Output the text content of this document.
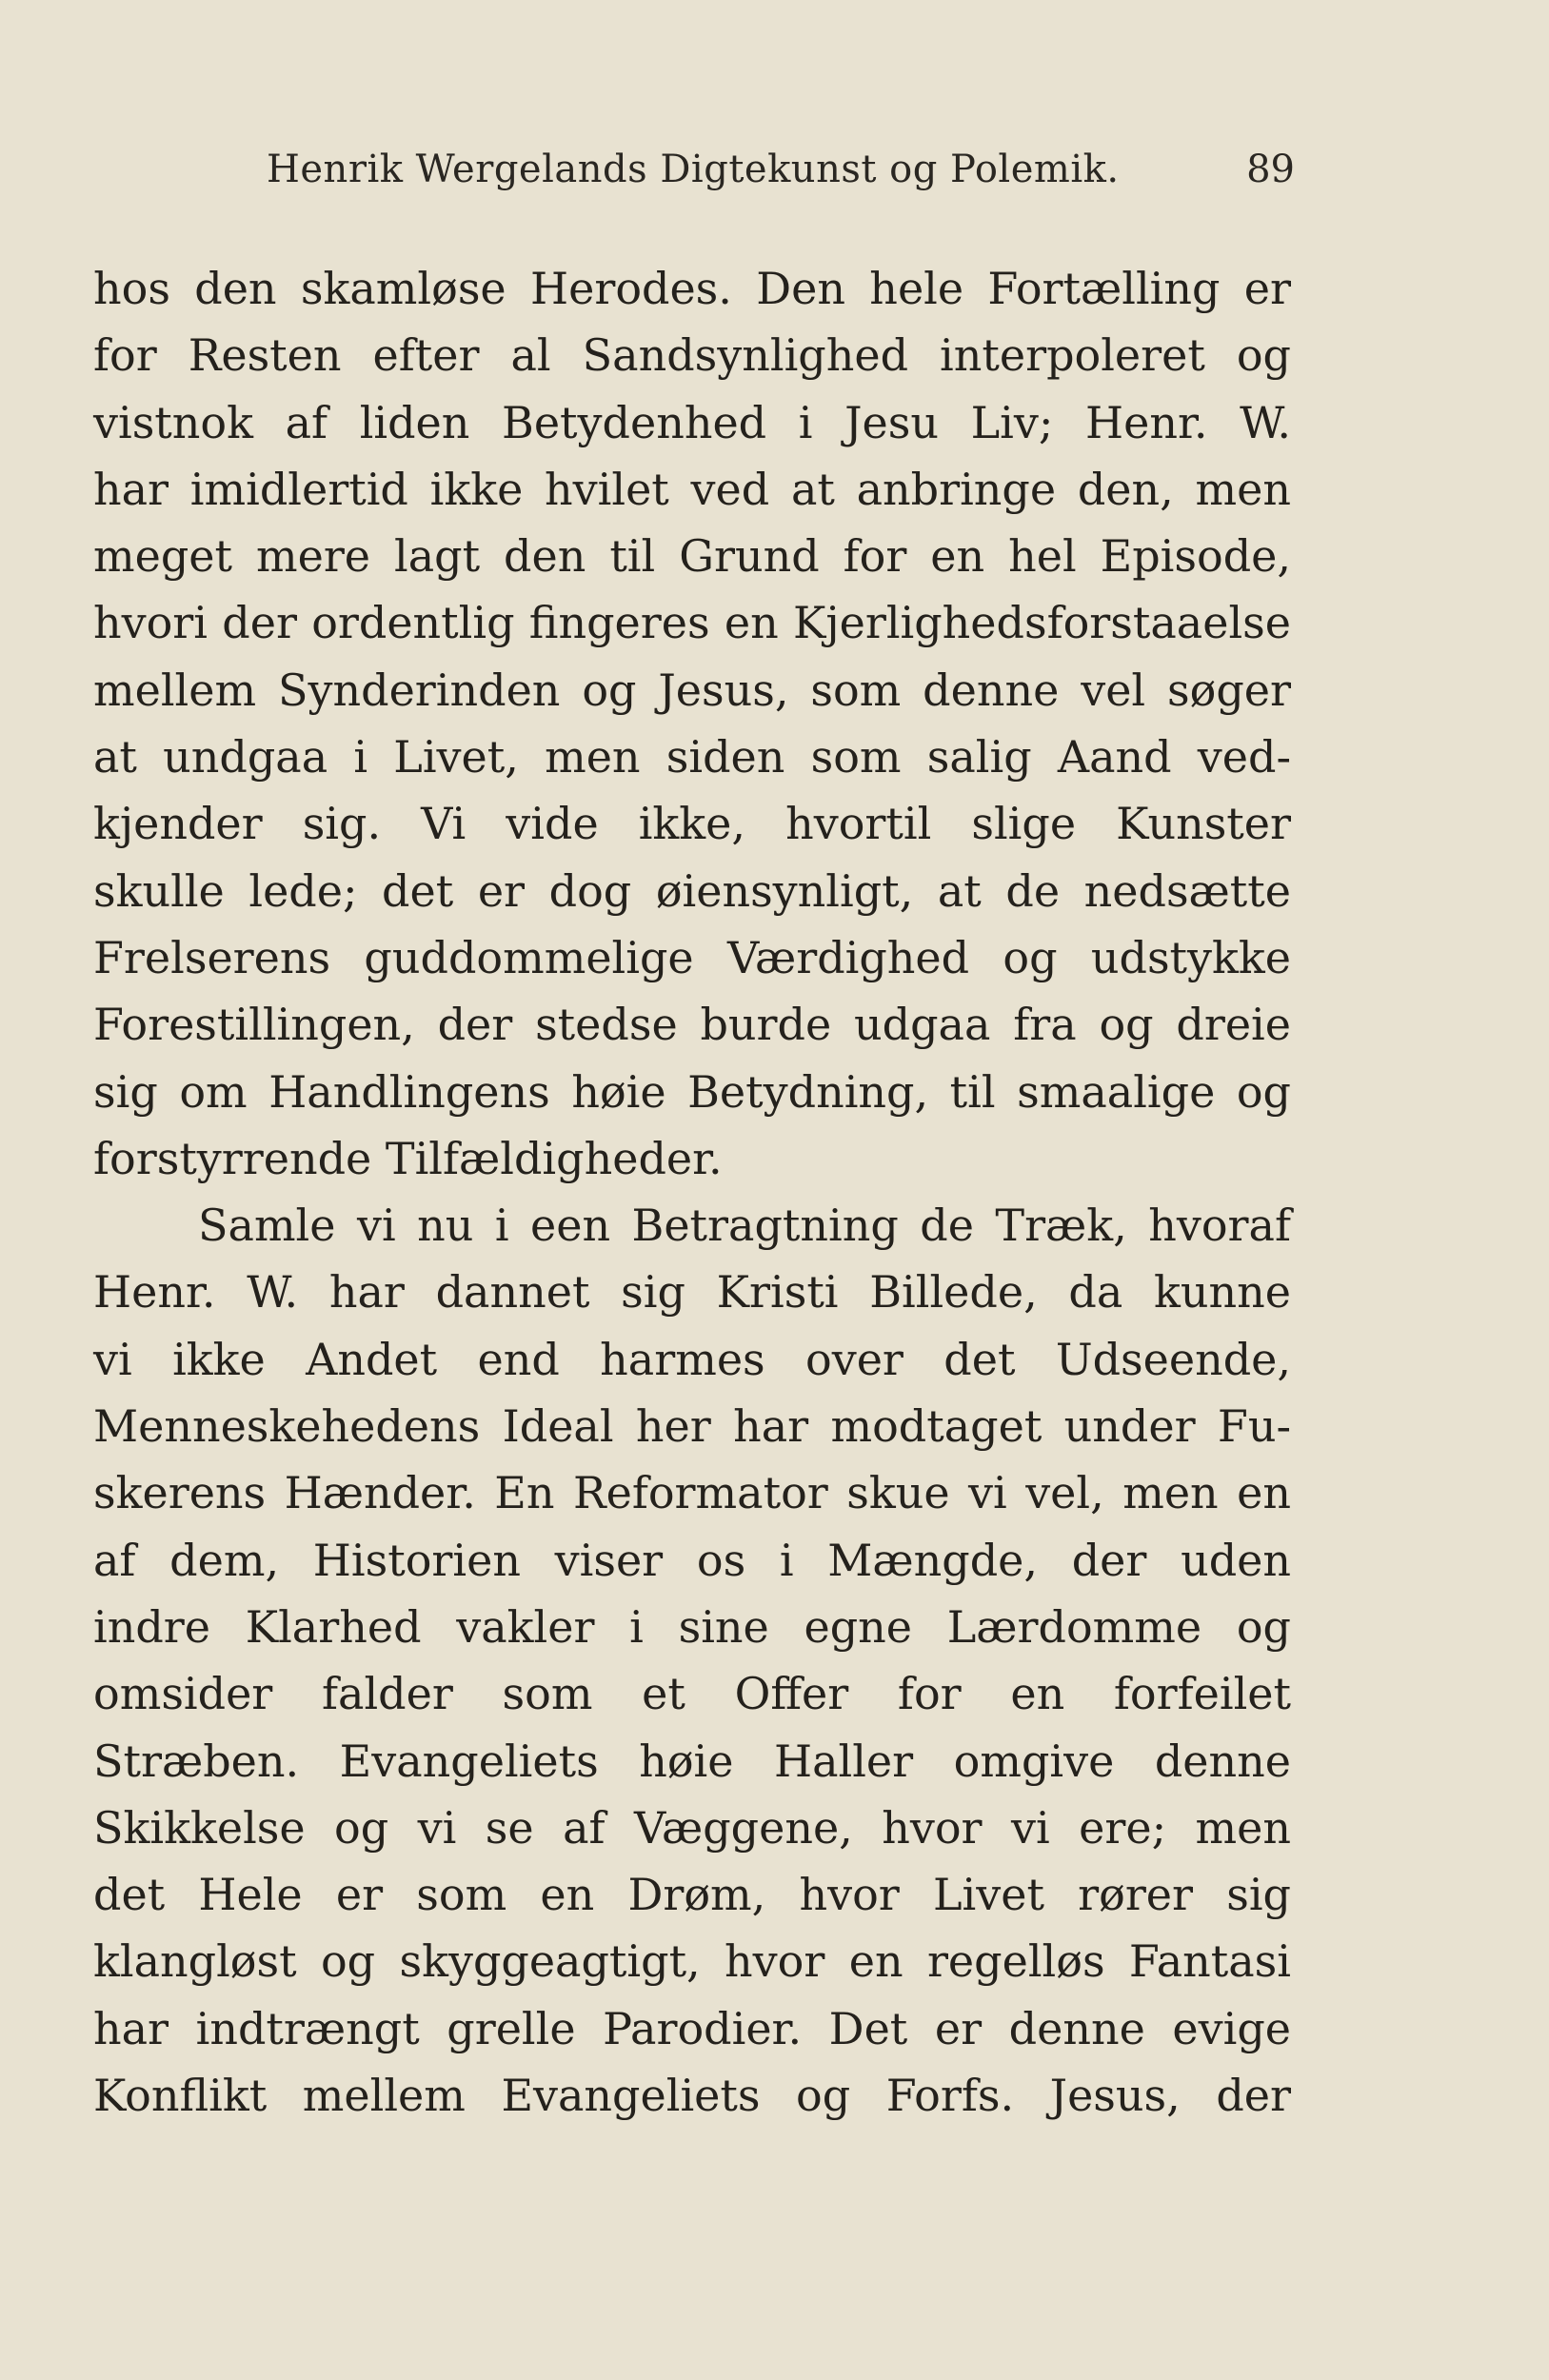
Henrik Wergelands Digtekunst og Polemik.	89
hos den skamløse Herodes. Den hele Fortælling er
for Resten efter al Sandsynlighed interpoleret og
vistnok af liden Betydenhed i Jesu Liv; Henr. W.
har imidlertid ikke hvilet ved at anbringe den, men
meget mere lagt den til Grund for en hel Episode,
hvori der ordentlig fingeres en Kjerlighedsforstaaelse
mellem Synderinden og Jesus, som denne vel søger
at undgaa i Livet, men siden som salig Aand ved-
kjender sig. Vi vide ikke, hvortil slige Kunster
skulle lede; det er dog øiensynligt, at de nedsætte
Frelserens guddommelige Værdighed og udstykke
Forestillingen, der stedse burde udgaa fra og dreie
sig om Handlingens høie Betydning, til smaalige og
forstyrrende Tilfældigheder.
Samle vi nu i een Betragtning de Træk, hvoraf
Henr. W. har dannet sig Kristi Billede, da kunne
vi ikke Andet end harmes over det Udseende,
Menneskehedens Ideal her har modtaget under Fu-
skerens Hænder. En Reformator skue vi vel, men en
af dem, Historien viser os i Mængde, der uden
indre Klarhed vakler i sine egne Lærdomme og
omsider falder som et Offer for en forfeilet
Stræben. Evangeliets høie Haller omgive denne
Skikkelse og vi se af Væggene, hvor vi ere; men
det Hele er som en Drøm, hvor Livet rører sig
klangløst og skyggeagtigt, hvor en regelløs Fantasi
har indtrængt grelle Parodier. Det er denne evige
Konflikt mellem Evangeliets og Forfs. Jesus, der
